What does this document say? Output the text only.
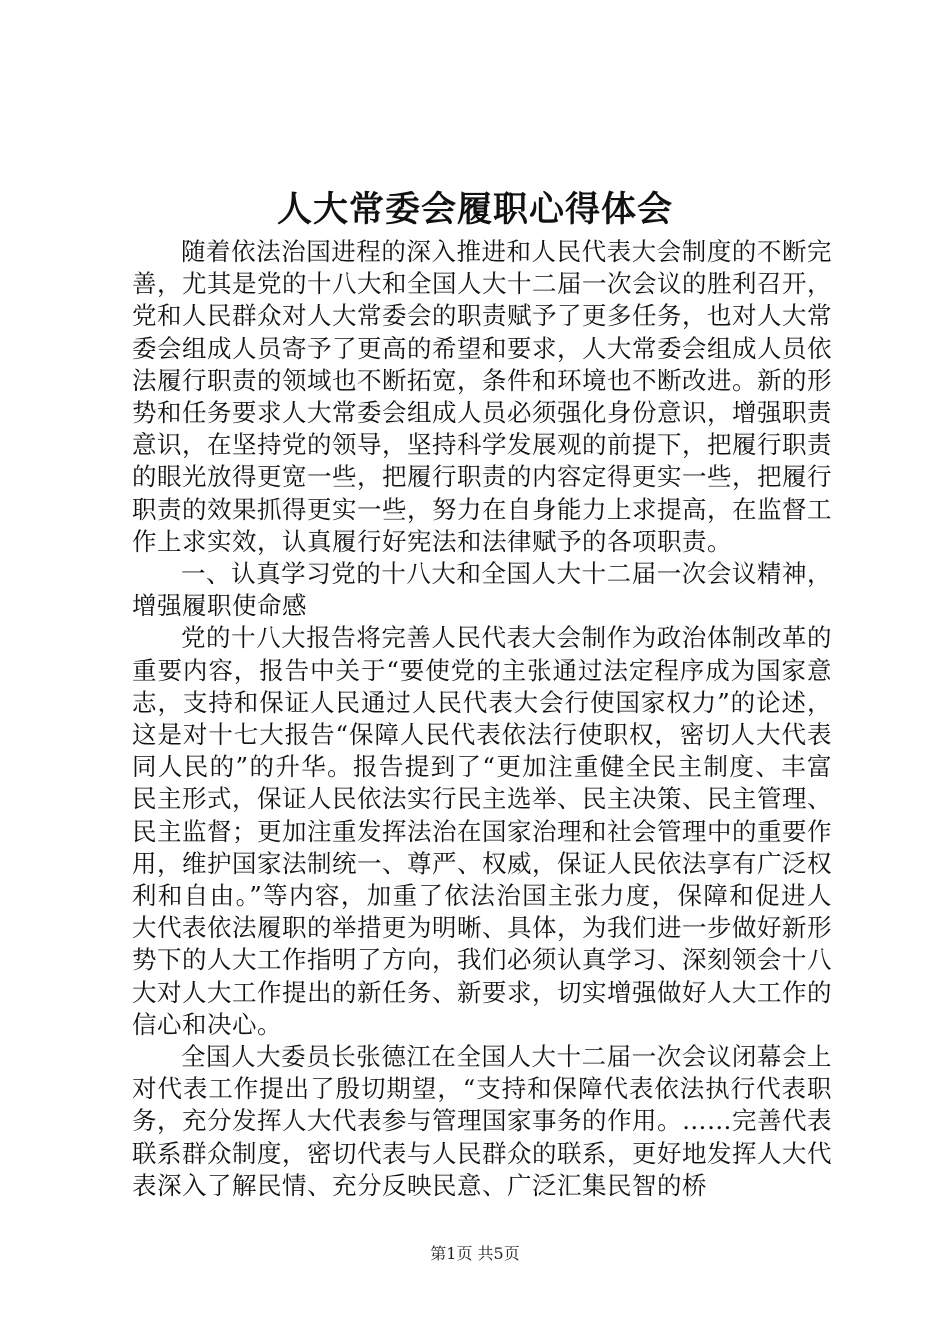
人大常委会履职心得体会

随着依法治国进程的深入推进和人民代表大会制度的不断完善，尤其是党的十八大和全国人大十二届一次会议的胜利召开，党和人民群众对人大常委会的职责赋予了更多任务，也对人大常委会组成人员寄予了更高的希望和要求，人大常委会组成人员依法履行职责的领域也不断拓宽，条件和环境也不断改进。新的形势和任务要求人大常委会组成人员必须强化身份意识，增强职责意识，在坚持党的领导，坚持科学发展观的前提下，把履行职责的眼光放得更宽一些，把履行职责的内容定得更实一些，把履行职责的效果抓得更实一些，努力在自身能力上求提高，在监督工作上求实效，认真履行好宪法和法律赋予的各项职责。

一、认真学习党的十八大和全国人大十二届一次会议精神，增强履职使命感

党的十八大报告将完善人民代表大会制作为政治体制改革的重要内容，报告中关于“要使党的主张通过法定程序成为国家意志，支持和保证人民通过人民代表大会行使国家权力”的论述，这是对十七大报告“保障人民代表依法行使职权，密切人大代表同人民的”的升华。报告提到了“更加注重健全民主制度、丰富民主形式，保证人民依法实行民主选举、民主决策、民主管理、民主监督；更加注重发挥法治在国家治理和社会管理中的重要作用，维护国家法制统一、尊严、权威，保证人民依法享有广泛权利和自由。”等内容，加重了依法治国主张力度，保障和促进人大代表依法履职的举措更为明晰、具体，为我们进一步做好新形势下的人大工作指明了方向，我们必须认真学习、深刻领会十八大对人大工作提出的新任务、新要求，切实增强做好人大工作的信心和决心。

全国人大委员长张德江在全国人大十二届一次会议闭幕会上对代表工作提出了殷切期望，“支持和保障代表依法执行代表职务，充分发挥人大代表参与管理国家事务的作用。……完善代表联系群众制度，密切代表与人民群众的联系，更好地发挥人大代表深入了解民情、充分反映民意、广泛汇集民智的桥

第1页 共5页
